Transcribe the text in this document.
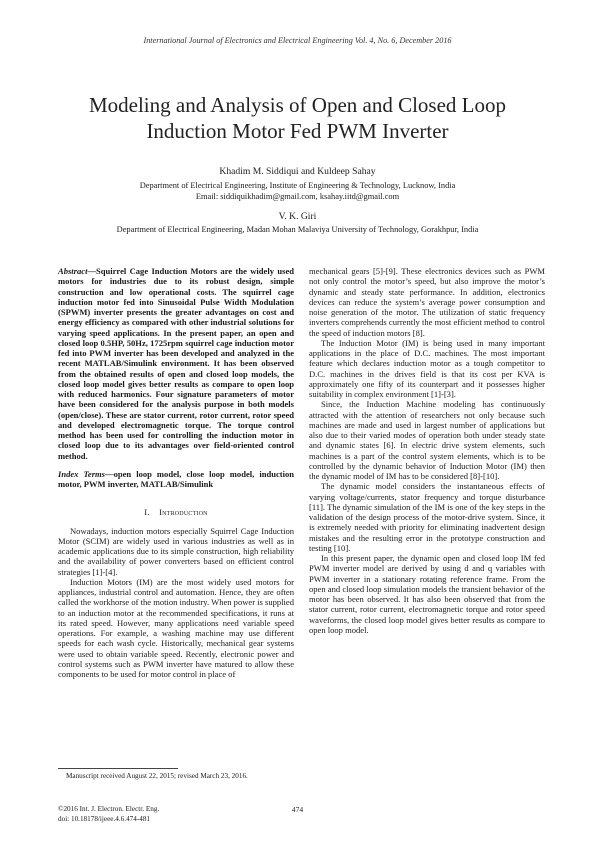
International Journal of Electronics and Electrical Engineering Vol. 4, No. 6, December 2016
Modeling and Analysis of Open and Closed Loop
Induction Motor Fed PWM Inverter
Khadim M. Siddiqui and Kuldeep Sahay
Department of Electrical Engineering, Institute of Engineering & Technology, Lucknow, India
Email: siddiquikhadim@gmail.com, ksahay.iitd@gmail.com
V. K. Giri
Department of Electrical Engineering, Madan Mohan Malaviya University of Technology, Gorakhpur, India

Abstract—Squirrel Cage Induction Motors are the widely used motors for industries due to its robust design, simple construction and low operational costs. The squirrel cage induction motor fed into Sinusoidal Pulse Width Modulation (SPWM) inverter presents the greater advantages on cost and energy efficiency as compared with other industrial solutions for varying speed applications. In the present paper, an open and closed loop 0.5HP, 50Hz, 1725rpm squirrel cage induction motor fed into PWM inverter has been developed and analyzed in the recent MATLAB/Simulink environment. It has been observed from the obtained results of open and closed loop models, the closed loop model gives better results as compare to open loop with reduced harmonics. Four signature parameters of motor have been considered for the analysis purpose in both models (open/close). These are stator current, rotor current, rotor speed and developed electromagnetic torque. The torque control method has been used for controlling the induction motor in closed loop due to its advantages over field-oriented control method.

Index Terms—open loop model, close loop model, induction motor, PWM inverter, MATLAB/Simulink

I. Introduction

Nowadays, induction motors especially Squirrel Cage Induction Motor (SCIM) are widely used in various industries as well as in academic applications due to its simple construction, high reliability and the availability of power converters based on efficient control strategies [1]-[4].

Induction Motors (IM) are the most widely used motors for appliances, industrial control and automation. Hence, they are often called the workhorse of the motion industry. When power is supplied to an induction motor at the recommended specifications, it runs at its rated speed. However, many applications need variable speed operations. For example, a washing machine may use different speeds for each wash cycle. Historically, mechanical gear systems were used to obtain variable speed. Recently, electronic power and control systems such as PWM inverter have matured to allow these components to be used for motor control in place of

mechanical gears [5]-[9]. These electronics devices such as PWM not only control the motor’s speed, but also improve the motor’s dynamic and steady state performance. In addition, electronics devices can reduce the system’s average power consumption and noise generation of the motor. The utilization of static frequency inverters comprehends currently the most efficient method to control the speed of induction motors [8].

The Induction Motor (IM) is being used in many important applications in the place of D.C. machines. The most important feature which declares induction motor as a tough competitor to D.C. machines in the drives field is that its cost per KVA is approximately one fifty of its counterpart and it possesses higher suitability in complex environment [1]-[3].

Since, the Induction Machine modeling has continuously attracted with the attention of researchers not only because such machines are made and used in largest number of applications but also due to their varied modes of operation both under steady state and dynamic states [6]. In electric drive system elements, such machines is a part of the control system elements, which is to be controlled by the dynamic behavior of Induction Motor (IM) then the dynamic model of IM has to be considered [8]-[10].

The dynamic model considers the instantaneous effects of varying voltage/currents, stator frequency and torque disturbance [11]. The dynamic simulation of the IM is one of the key steps in the validation of the design process of the motor-drive system. Since, it is extremely needed with priority for eliminating inadvertent design mistakes and the resulting error in the prototype construction and testing [10].

In this present paper, the dynamic open and closed loop IM fed PWM inverter model are derived by using d and q variables with PWM inverter in a stationary rotating reference frame. From the open and closed loop simulation models the transient behavior of the motor has been observed. It has also been observed that from the stator current, rotor current, electromagnetic torque and rotor speed waveforms, the closed loop model gives better results as compare to open loop model.

Manuscript received August 22, 2015; revised March 23, 2016.
©2016 Int. J. Electron. Electr. Eng.
doi: 10.18178/ijeee.4.6.474-481
474
